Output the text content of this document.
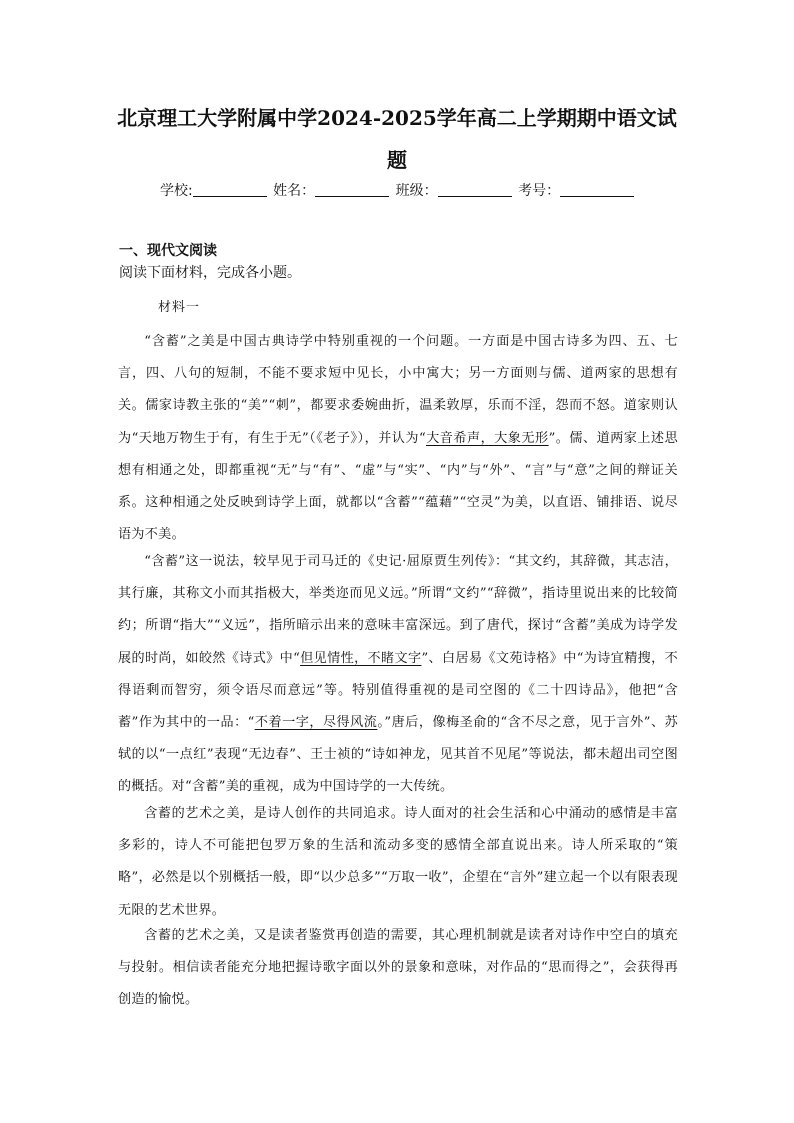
北京理工大学附属中学2024-2025学年高二上学期期中语文试
题
学校:	姓名：	班级：	考号：
一、现代文阅读
阅读下面材料，完成各小题。
材料一
“含蓄”之美是中国古典诗学中特别重视的一个问题。一方面是中国古诗多为四、五、七言，四、八句的短制，不能不要求短中见长，小中寓大；另一方面则与儒、道两家的思想有关。儒家诗教主张的“美”“刺”，都要求委婉曲折，温柔敦厚，乐而不淫，怨而不怒。道家则认为“天地万物生于有，有生于无”（《老子》），并认为“大音希声，大象无形”。儒、道两家上述思想有相通之处，即都重视“无”与“有”、“虚”与“实”、“内”与“外”、“言”与“意”之间的辩证关系。这种相通之处反映到诗学上面，就都以“含蓄”“蕴藉”“空灵”为美，以直语、铺排语、说尽语为不美。
“含蓄”这一说法，较早见于司马迁的《史记·屈原贾生列传》：“其文约，其辞微，其志洁，其行廉，其称文小而其指极大，举类迩而见义远。”所谓“文约”“辞微”，指诗里说出来的比较简约；所谓“指大”“义远”，指所暗示出来的意味丰富深远。到了唐代，探讨“含蓄”美成为诗学发展的时尚，如皎然《诗式》中“但见情性，不睹文字”、白居易《文苑诗格》中“为诗宜精搜，不得语剩而智穷，须令语尽而意远”等。特别值得重视的是司空图的《二十四诗品》，他把“含蓄”作为其中的一品：“不着一字，尽得风流。”唐后，像梅圣俞的“含不尽之意，见于言外”、苏轼的以“一点红”表现“无边春”、王士祯的“诗如神龙，见其首不见尾”等说法，都未超出司空图的概括。对“含蓄”美的重视，成为中国诗学的一大传统。
含蓄的艺术之美，是诗人创作的共同追求。诗人面对的社会生活和心中涌动的感情是丰富多彩的，诗人不可能把包罗万象的生活和流动多变的感情全部直说出来。诗人所采取的“策略”，必然是以个别概括一般，即“以少总多”“万取一收”，企望在“言外”建立起一个以有限表现无限的艺术世界。
含蓄的艺术之美，又是读者鉴赏再创造的需要，其心理机制就是读者对诗作中空白的填充与投射。相信读者能充分地把握诗歌字面以外的景象和意味，对作品的“思而得之”，会获得再创造的愉悦。
